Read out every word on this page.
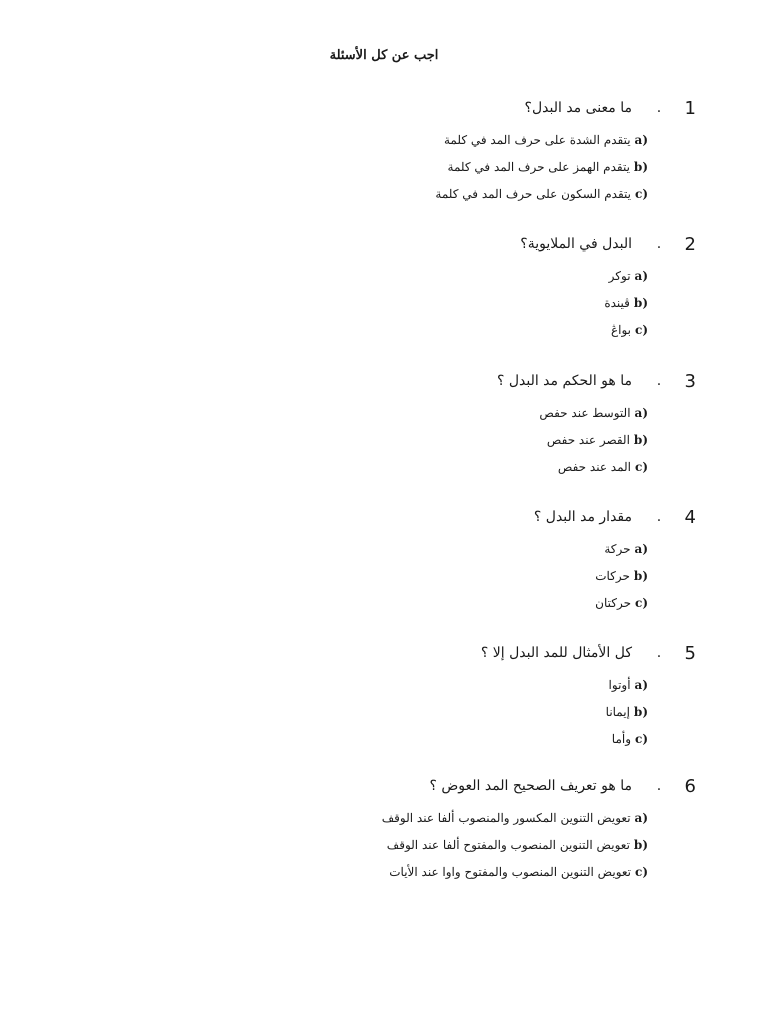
اجب عن كل الأسئلة
1
.
ما معنى مد البدل؟
a)
يتقدم الشدة على حرف المد في كلمة
b)
يتقدم الهمز على حرف المد في كلمة
c)
يتقدم السكون على حرف المد في كلمة
2
.
البدل في الملايوية؟
a)
توكر
b)
ڤيندة
c)
بواڠ
3
.
ما هو الحكم مد البدل ؟
a)
التوسط عند حفص
b)
القصر عند حفص
c)
المد عند حفص
4
.
مقدار مد البدل ؟
a)
حركة
b)
حركات
c)
حركتان
5
.
كل الأمثال للمد البدل إلا ؟
a)
أوتوا
b)
إيمانا
c)
وأما
6
.
ما هو تعريف الصحيح المد العوض ؟
a)
تعويض التنوين المكسور والمنصوب ألفا عند الوقف
b)
تعويض التنوين المنصوب والمفتوح ألفا عند الوقف
c)
تعويض التنوين المنصوب والمفتوح واوا عند الأيات
